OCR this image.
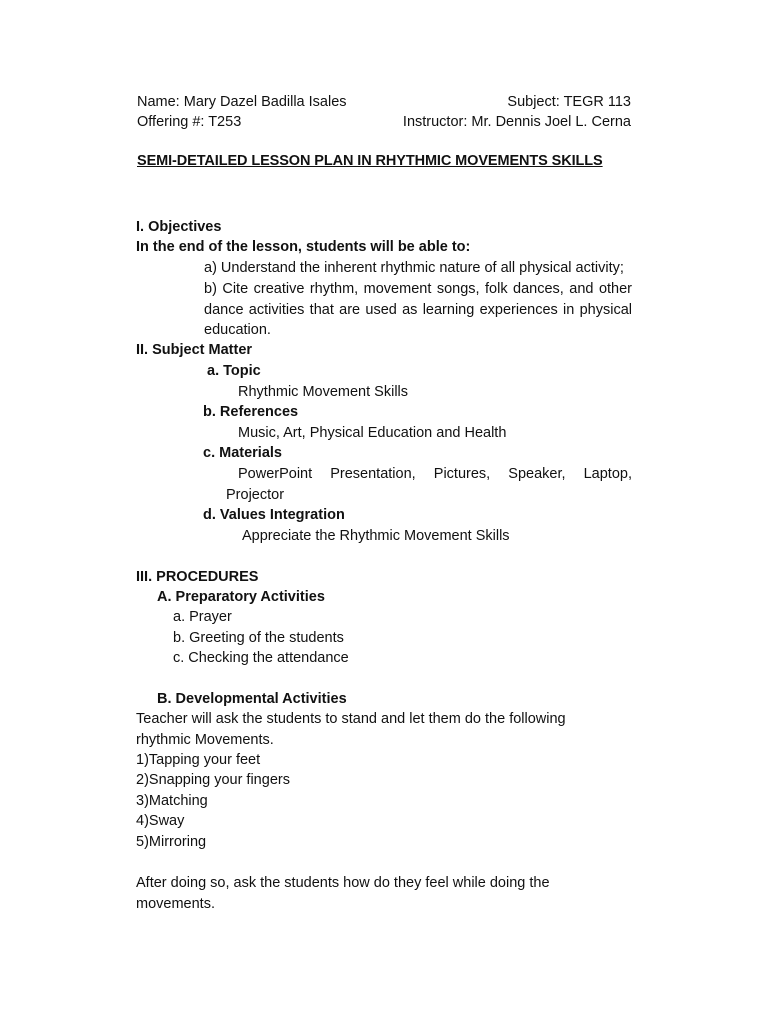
Name: Mary Dazel Badilla Isales	Subject: TEGR 113
Offering #: T253	Instructor: Mr. Dennis Joel L. Cerna
SEMI-DETAILED LESSON PLAN IN RHYTHMIC MOVEMENTS SKILLS
I. Objectives
In the end of the lesson, students will be able to:
a) Understand the inherent rhythmic nature of all physical activity;
b) Cite creative rhythm, movement songs, folk dances, and other dance activities that are used as learning experiences in physical education.
II. Subject Matter
a. Topic
Rhythmic Movement Skills
b. References
Music, Art, Physical Education and Health
c. Materials
PowerPoint Presentation, Pictures, Speaker, Laptop, Projector
d. Values Integration
Appreciate the Rhythmic Movement Skills
III. PROCEDURES
A. Preparatory Activities
a. Prayer
b. Greeting of the students
c. Checking the attendance
B. Developmental Activities
Teacher will ask the students to stand and let them do the following rhythmic Movements.
1)Tapping your feet
2)Snapping your fingers
3)Matching
4)Sway
5)Mirroring
After doing so, ask the students how do they feel while doing the movements.
